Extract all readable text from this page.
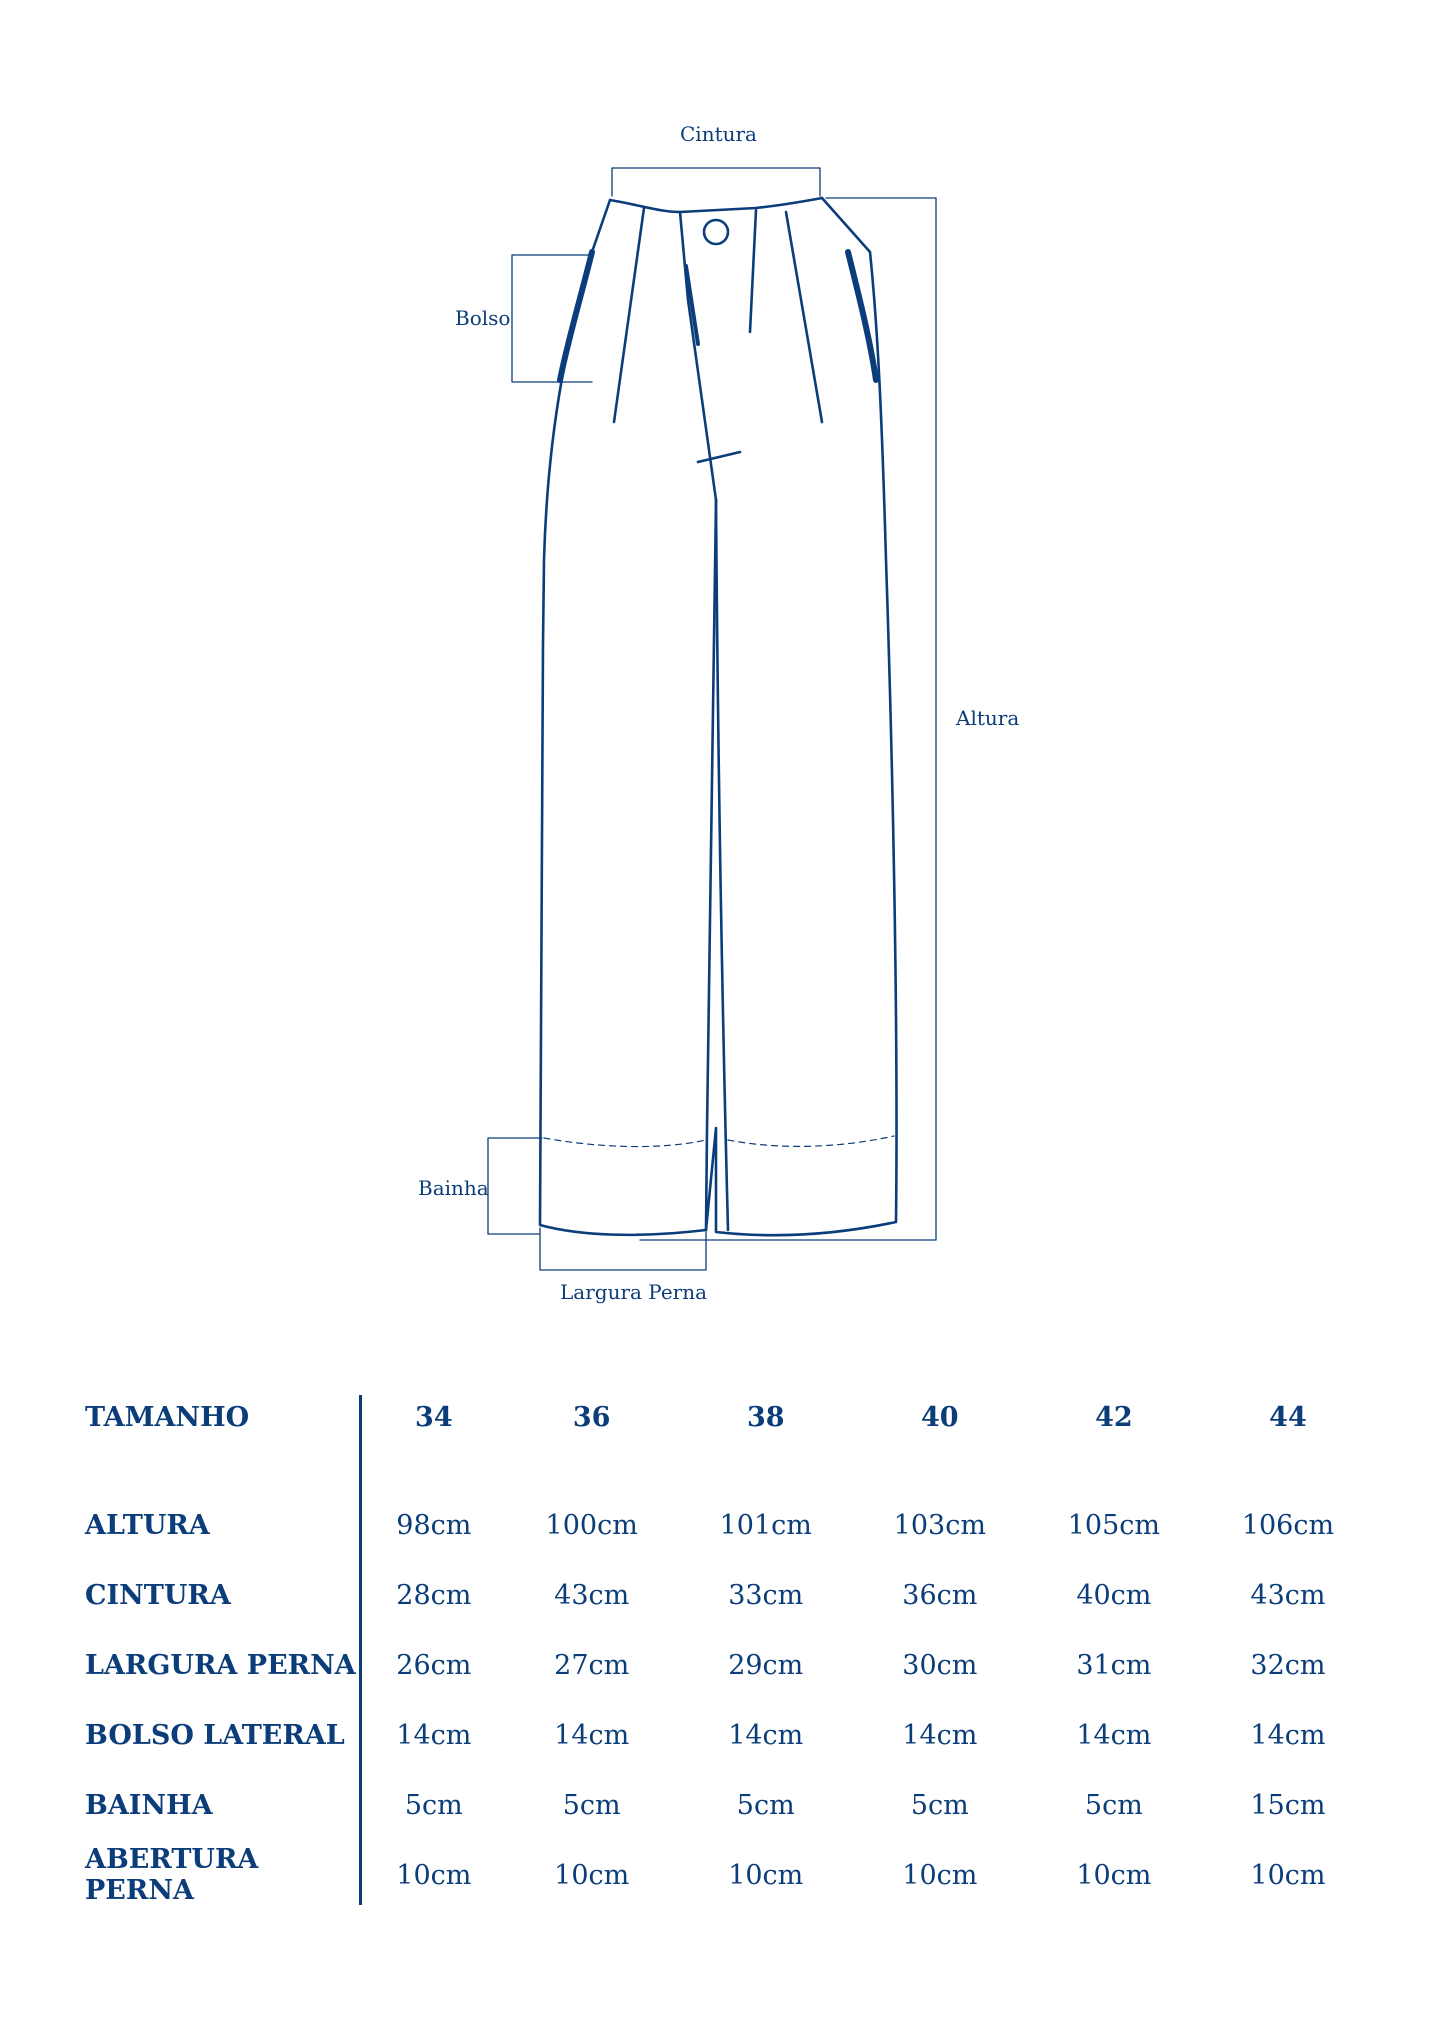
Cintura
Bolso
Altura
Bainha
Largura Perna
TAMANHO	34	36	38	40	42	44

ALTURA	98cm	100cm	101cm	103cm	105cm	106cm
CINTURA	28cm	43cm	33cm	36cm	40cm	43cm
LARGURA PERNA	26cm	27cm	29cm	30cm	31cm	32cm
BOLSO LATERAL	14cm	14cm	14cm	14cm	14cm	14cm
BAINHA	5cm	5cm	5cm	5cm	5cm	15cm
ABERTURA PERNA	10cm	10cm	10cm	10cm	10cm	10cm
